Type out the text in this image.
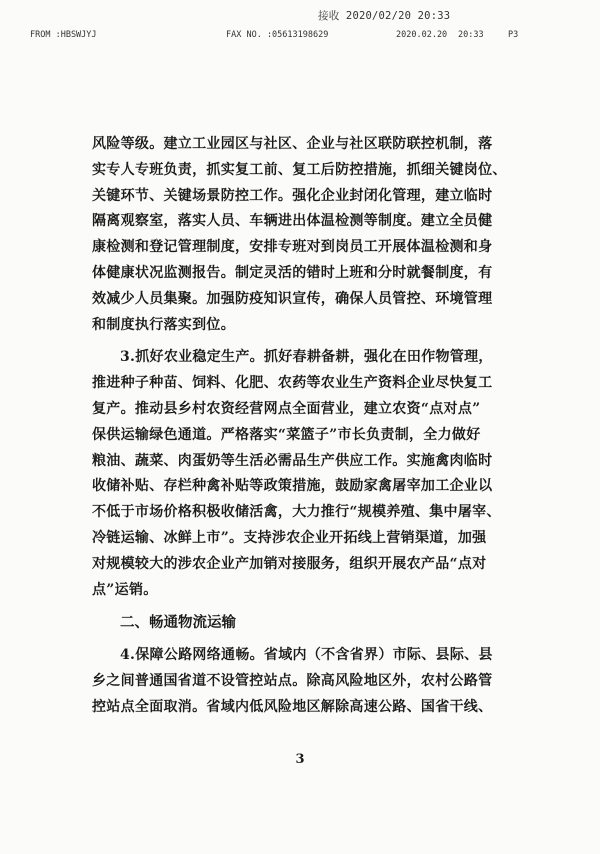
接收 2020/02/20 20:33
FROM :HBSWJYJ	FAX NO. :05613198629	2020.02.20 20:33	P3
风险等级。建立工业园区与社区、企业与社区联防联控机制，落
实专人专班负责，抓实复工前、复工后防控措施，抓细关键岗位、
关键环节、关键场景防控工作。强化企业封闭化管理，建立临时
隔离观察室，落实人员、车辆进出体温检测等制度。建立全员健
康检测和登记管理制度，安排专班对到岗员工开展体温检测和身
体健康状况监测报告。制定灵活的错时上班和分时就餐制度，有
效减少人员集聚。加强防疫知识宣传，确保人员管控、环境管理
和制度执行落实到位。
3.抓好农业稳定生产。抓好春耕备耕，强化在田作物管理，
推进种子种苗、饲料、化肥、农药等农业生产资料企业尽快复工
复产。推动县乡村农资经营网点全面营业，建立农资“点对点”
保供运输绿色通道。严格落实“菜篮子”市长负责制，全力做好
粮油、蔬菜、肉蛋奶等生活必需品生产供应工作。实施禽肉临时
收储补贴、存栏种禽补贴等政策措施，鼓励家禽屠宰加工企业以
不低于市场价格积极收储活禽，大力推行“规模养殖、集中屠宰、
冷链运输、冰鲜上市”。支持涉农企业开拓线上营销渠道，加强
对规模较大的涉农企业产加销对接服务，组织开展农产品“点对
点”运销。
二、畅通物流运输
4.保障公路网络通畅。省域内（不含省界）市际、县际、县
乡之间普通国省道不设管控站点。除高风险地区外，农村公路管
控站点全面取消。省域内低风险地区解除高速公路、国省干线、
3
